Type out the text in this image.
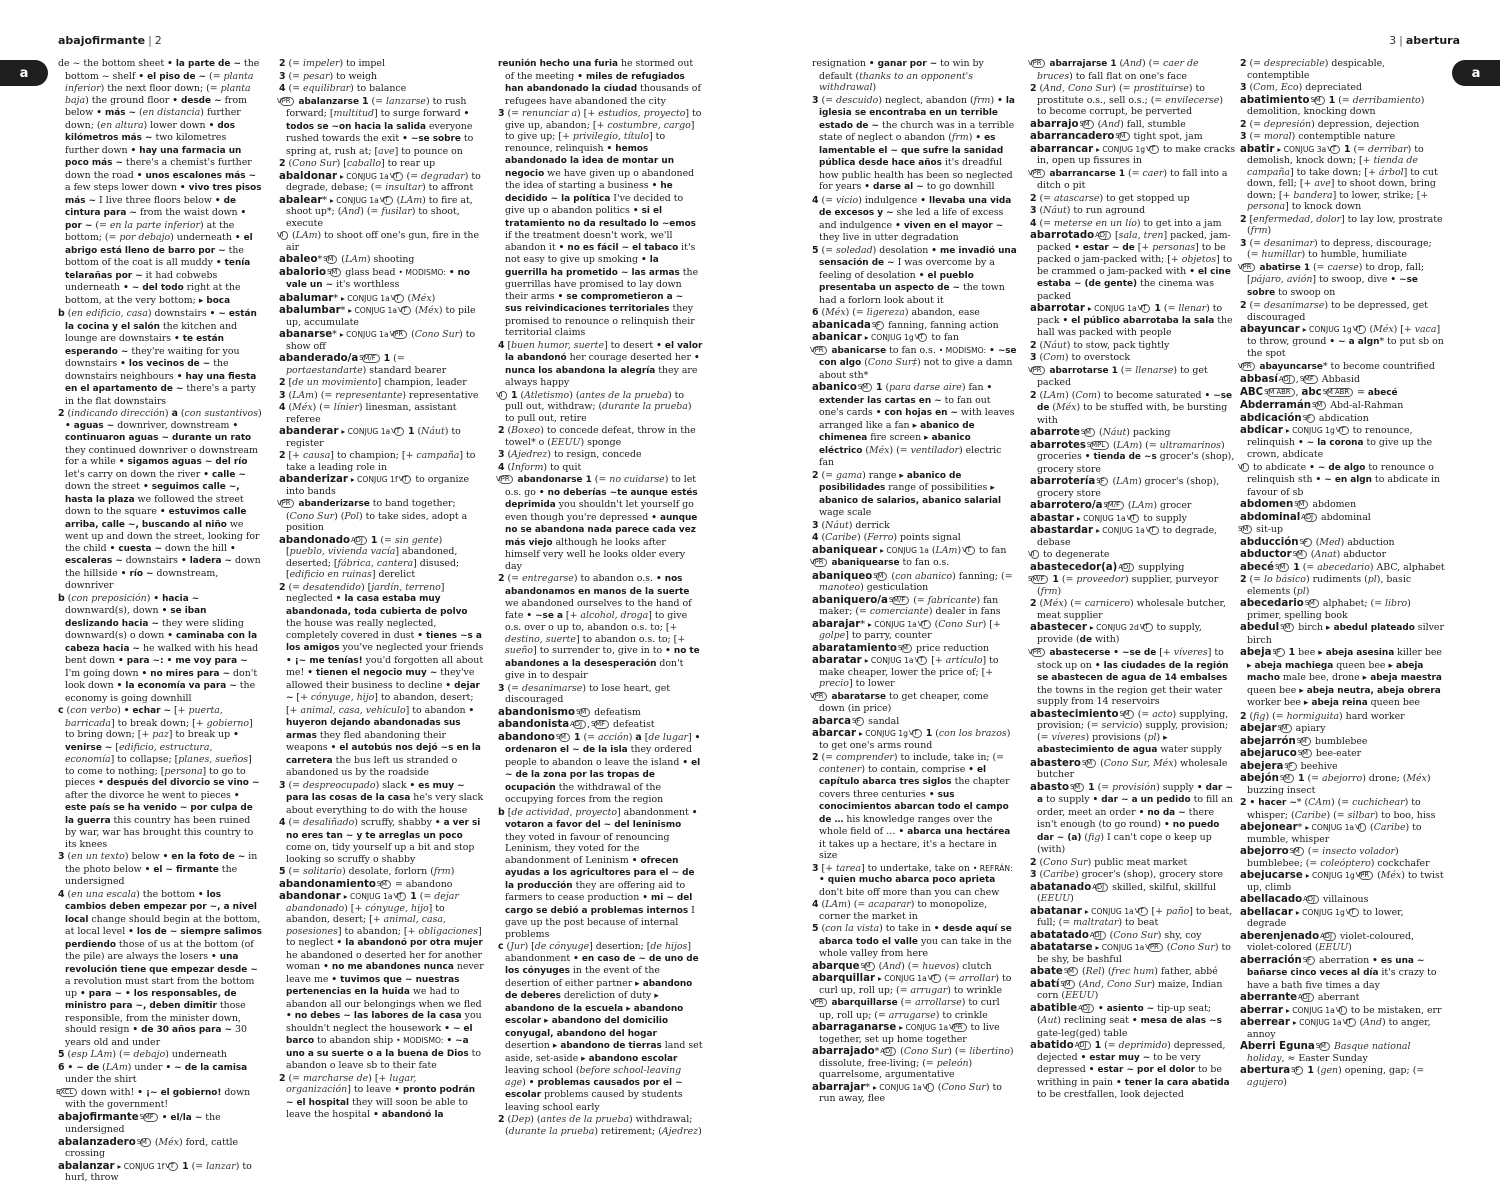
abajofirmante | 2
a

de ~ the bottom sheet • la parte de ~ the bottom ~ shelf • el piso de ~ (= planta inferior) the next floor down; (= planta baja) the ground floor • desde ~ from below • más ~ (en distancia) further down; (en altura) lower down • dos kilómetros más ~ two kilometres further down • hay una farmacia un poco más ~ there's a chemist's further down the road • unos escalones más ~ a few steps lower down • vivo tres pisos más ~ I live three floors below • de cintura para ~ from the waist down • por ~ (= en la parte inferior) at the bottom; (= por debajo) underneath • el abrigo está lleno de barro por ~ the bottom of the coat is all muddy • tenía telarañas por ~ it had cobwebs underneath • ~ del todo right at the bottom, at the very bottom; ▸ boca

b (en edificio, casa) downstairs • ~ están la cocina y el salón the kitchen and lounge are downstairs • te están esperando ~ they're waiting for you downstairs • los vecinos de ~ the downstairs neighbours • hay una fiesta en el apartamento de ~ there's a party in the flat downstairs

2 (indicando dirección) a (con sustantivos) • aguas ~ downriver, downstream • continuaron aguas ~ durante un rato they continued downriver o downstream for a while • sigamos aguas ~ del río let's carry on down the river • calle ~ down the street • seguimos calle ~, hasta la plaza we followed the street down to the square • estuvimos calle arriba, calle ~, buscando al niño we went up and down the street, looking for the child • cuesta ~ down the hill • escaleras ~ downstairs • ladera ~ down the hillside • río ~ downstream, downriver

b (con preposición) • hacia ~ downward(s), down • se iban deslizando hacia ~ they were sliding downward(s) o down • caminaba con la cabeza hacia ~ he walked with his head bent down • para ~: • me voy para ~ I'm going down • no mires para ~ don't look down • la economía va para ~ the economy is going downhill

c (con verbo) • echar ~ [+ puerta, barricada] to break down; [+ gobierno] to bring down; [+ paz] to break up • venirse ~ [edificio, estructura, economía] to collapse; [planes, sueños] to come to nothing; [persona] to go to pieces • después del divorcio se vino ~ after the divorce he went to pieces • este país se ha venido ~ por culpa de la guerra this country has been ruined by war, war has brought this country to its knees

3 (en un texto) below • en la foto de ~ in the photo below • el ~ firmante the undersigned

4 (en una escala) the bottom • los cambios deben empezar por ~, a nivel local change should begin at the bottom, at local level • los de ~ siempre salimos perdiendo those of us at the bottom (of the pile) are always the losers • una revolución tiene que empezar desde ~ a revolution must start from the bottom up • para ~ • los responsables, de ministro para ~, deben dimitir those responsible, from the minister down, should resign • de 30 años para ~ 30 years old and under

5 (esp LAm) (= debajo) underneath

6 • ~ de (LAm) under • ~ de la camisa under the shirt

EXCL down with! • ¡~ el gobierno! down with the government!

abajofirmante SMF • el/la ~ the undersigned

abalanzadero SM (Méx) ford, cattle crossing

abalanzar ▸ CONJUG 1f VT 1 (= lanzar) to hurl, throw

2 (= impeler) to impel

3 (= pesar) to weigh

4 (= equilibrar) to balance

VPR abalanzarse 1 (= lanzarse) to rush forward; [multitud] to surge forward • todos se ~on hacia la salida everyone rushed towards the exit • ~se sobre to spring at, rush at; [ave] to pounce on

2 (Cono Sur) [caballo] to rear up

abaldonar ▸ CONJUG 1a VT (= degradar) to degrade, debase; (= insultar) to affront

abalear* ▸ CONJUG 1a VT (LAm) to fire at, shoot up*; (And) (= fusilar) to shoot, execute

VI (LAm) to shoot off one's gun, fire in the air

abaleo* SM (LAm) shooting

abalorio SM glass bead • MODISMO: • no vale un ~ it's worthless

abalumar* ▸ CONJUG 1a VT (Méx)

abalumbar* ▸ CONJUG 1a VT (Méx) to pile up, accumulate

abanarse* ▸ CONJUG 1a VPR (Cono Sur) to show off

abanderado/a SM/F 1 (= portaestandarte) standard bearer

2 [de un movimiento] champion, leader

3 (LAm) (= representante) representative

4 (Méx) (= línier) linesman, assistant referee

abanderar ▸ CONJUG 1a VT 1 (Náut) to register

2 [+ causa] to champion; [+ campaña] to take a leading role in

abanderizar ▸ CONJUG 1f VT to organize into bands

VPR abanderizarse to band together; (Cono Sur) (Pol) to take sides, adopt a position

abandonado ADJ 1 (= sin gente) [pueblo, vivienda vacía] abandoned, deserted; [fábrica, cantera] disused; [edificio en ruinas] derelict

2 (= desatendido) [jardín, terreno] neglected • la casa estaba muy abandonada, toda cubierta de polvo the house was really neglected, completely covered in dust • tienes ~s a los amigos you've neglected your friends • ¡~ me tenías! you'd forgotten all about me! • tienen el negocio muy ~ they've allowed their business to decline • dejar ~ [+ cónyuge, hijo] to abandon, desert; [+ animal, casa, vehículo] to abandon • huyeron dejando abandonadas sus armas they fled abandoning their weapons • el autobús nos dejó ~s en la carretera the bus left us stranded o abandoned us by the roadside

3 (= despreocupado) slack • es muy ~ para las cosas de la casa he's very slack about everything to do with the house

4 (= desaliñado) scruffy, shabby • a ver si no eres tan ~ y te arreglas un poco come on, tidy yourself up a bit and stop looking so scruffy o shabby

5 (= solitario) desolate, forlorn (frm)

abandonamiento SM = abandono

abandonar ▸ CONJUG 1a VT 1 (= dejar abandonado) [+ cónyuge, hijo] to abandon, desert; [+ animal, casa, posesiones] to abandon; [+ obligaciones] to neglect • la abandonó por otra mujer he abandoned o deserted her for another woman • no me abandones nunca never leave me • tuvimos que ~ nuestras pertenencias en la huida we had to abandon all our belongings when we fled • no debes ~ las labores de la casa you shouldn't neglect the housework • ~ el barco to abandon ship • MODISMO: • ~a uno a su suerte o a la buena de Dios to abandon o leave sb to their fate

2 (= marcharse de) [+ lugar, organización] to leave • pronto podrán ~ el hospital they will soon be able to leave the hospital • abandonó la

reunión hecho una furia he stormed out of the meeting • miles de refugiados han abandonado la ciudad thousands of refugees have abandoned the city

3 (= renunciar a) [+ estudios, proyecto] to give up, abandon; [+ costumbre, cargo] to give up; [+ privilegio, título] to renounce, relinquish • hemos abandonado la idea de montar un negocio we have given up o abandoned the idea of starting a business • he decidido ~ la política I've decided to give up o abandon politics • si el tratamiento no da resultado lo ~emos if the treatment doesn't work, we'll abandon it • no es fácil ~ el tabaco it's not easy to give up smoking • la guerrilla ha prometido ~ las armas the guerrillas have promised to lay down their arms • se comprometieron a ~ sus reivindicaciones territoriales they promised to renounce o relinquish their territorial claims

4 [buen humor, suerte] to desert • el valor la abandonó her courage deserted her • nunca los abandona la alegría they are always happy

VI 1 (Atletismo) (antes de la prueba) to pull out, withdraw; (durante la prueba) to pull out, retire

2 (Boxeo) to concede defeat, throw in the towel* o (EEUU) sponge

3 (Ajedrez) to resign, concede

4 (Inform) to quit

VPR abandonarse 1 (= no cuidarse) to let o.s. go • no deberías ~te aunque estés deprimida you shouldn't let yourself go even though you're depressed • aunque no se abandona nada parece cada vez más viejo although he looks after himself very well he looks older every day

2 (= entregarse) to abandon o.s. • nos abandonamos en manos de la suerte we abandoned ourselves to the hand of fate • ~se a [+ alcohol, droga] to give o.s. over o up to, abandon o.s. to; [+ destino, suerte] to abandon o.s. to; [+ sueño] to surrender to, give in to • no te abandones a la desesperación don't give in to despair

3 (= desanimarse) to lose heart, get discouraged

abandonismo SM defeatism

abandonista ADJ , SMF defeatist

abandono SM 1 (= acción) a [de lugar] • ordenaron el ~ de la isla they ordered people to abandon o leave the island • el ~ de la zona por las tropas de ocupación the withdrawal of the occupying forces from the region

b [de actividad, proyecto] abandonment • votaron a favor del ~ del leninismo they voted in favour of renouncing Leninism, they voted for the abandonment of Leninism • ofrecen ayudas a los agricultores para el ~ de la producción they are offering aid to farmers to cease production • mi ~ del cargo se debió a problemas internos I gave up the post because of internal problems

c (Jur) [de cónyuge] desertion; [de hijos] abandonment • en caso de ~ de uno de los cónyuges in the event of the desertion of either partner ▸ abandono de deberes dereliction of duty ▸ abandono de la escuela ▸ abandono escolar ▸ abandono del domicilio conyugal, abandono del hogar desertion ▸ abandono de tierras land set aside, set-aside ▸ abandono escolar leaving school (before school-leaving age) • problemas causados por el ~ escolar problems caused by students leaving school early

2 (Dep) (antes de la prueba) withdrawal; (durante la prueba) retirement; (Ajedrez)

3 | abertura
a

resignation • ganar por ~ to win by default (thanks to an opponent's withdrawal)

3 (= descuido) neglect, abandon (frm) • la iglesia se encontraba en un terrible estado de ~ the church was in a terrible state of neglect o abandon (frm) • es lamentable el ~ que sufre la sanidad pública desde hace años it's dreadful how public health has been so neglected for years • darse al ~ to go downhill

4 (= vicio) indulgence • llevaba una vida de excesos y ~ she led a life of excess and indulgence • viven en el mayor ~ they live in utter degradation

5 (= soledad) desolation • me invadió una sensación de ~ I was overcome by a feeling of desolation • el pueblo presentaba un aspecto de ~ the town had a forlorn look about it

6 (Méx) (= ligereza) abandon, ease

abanicada SF fanning, fanning action

abanicar ▸ CONJUG 1g VT to fan

VPR abanicarse to fan o.s. • MODISMO: • ~se con algo (Cono Sur‡) not to give a damn about sth*

abanico SM 1 (para darse aire) fan • extender las cartas en ~ to fan out one's cards • con hojas en ~ with leaves arranged like a fan ▸ abanico de chimenea fire screen ▸ abanico eléctrico (Méx) (= ventilador) electric fan

2 (= gama) range ▸ abanico de posibilidades range of possibilities ▸ abanico de salarios, abanico salarial wage scale

3 (Náut) derrick

4 (Caribe) (Ferro) points signal

abaniquear ▸ CONJUG 1a (LAm) VT to fan

VPR abaniquearse to fan o.s.

abaniqueo SM (con abanico) fanning; (= manoteo) gesticulation

abaniquero/a SM/F (= fabricante) fan maker; (= comerciante) dealer in fans

abarajar* ▸ CONJUG 1a VT (Cono Sur) [+ golpe] to parry, counter

abaratamiento SM price reduction

abaratar ▸ CONJUG 1a VT [+ artículo] to make cheaper, lower the price of; [+ precio] to lower

VPR abaratarse to get cheaper, come down (in price)

abarca SF sandal

abarcar ▸ CONJUG 1g VT 1 (con los brazos) to get one's arms round

2 (= comprender) to include, take in; (= contener) to contain, comprise • el capítulo abarca tres siglos the chapter covers three centuries • sus conocimientos abarcan todo el campo de … his knowledge ranges over the whole field of … • abarca una hectárea it takes up a hectare, it's a hectare in size

3 [+ tarea] to undertake, take on • REFRÁN: • quien mucho abarca poco aprieta don't bite off more than you can chew

4 (LAm) (= acaparar) to monopolize, corner the market in

5 (con la vista) to take in • desde aquí se abarca todo el valle you can take in the whole valley from here

abarque SM (And) (= huevos) clutch

abarquillar ▸ CONJUG 1a VT (= arrollar) to curl up, roll up; (= arrugar) to wrinkle

VPR abarquillarse (= arrollarse) to curl up, roll up; (= arrugarse) to crinkle

abarraganarse ▸ CONJUG 1a VPR to live together, set up home together

abarrajado* ADJ (Cono Sur) (= libertino) dissolute, free-living; (= pelеón) quarrelsome, argumentative

abarrajar* ▸ CONJUG 1a VI (Cono Sur) to run away, flee

VPR abarrajarse 1 (And) (= caer de bruces) to fall flat on one's face

2 (And, Cono Sur) (= prostituirse) to prostitute o.s., sell o.s.; (= envilecerse) to become corrupt, be perverted

abarrajo SM (And) fall, stumble

abarrancadero SM tight spot, jam

abarrancar ▸ CONJUG 1g VT to make cracks in, open up fissures in

VPR abarrancarse 1 (= caer) to fall into a ditch o pit

2 (= atascarse) to get stopped up

3 (Náut) to run aground

4 (= meterse en un lío) to get into a jam

abarrotado ADJ [sala, tren] packed, jam-packed • estar ~ de [+ personas] to be packed o jam-packed with; [+ objetos] to be crammed o jam-packed with • el cine estaba ~ (de gente) the cinema was packed

abarrotar ▸ CONJUG 1a VT 1 (= llenar) to pack • el público abarrotaba la sala the hall was packed with people

2 (Náut) to stow, pack tightly

3 (Com) to overstock

VPR abarrotarse 1 (= llenarse) to get packed

2 (LAm) (Com) to become saturated • ~se de (Méx) to be stuffed with, be bursting with

abarrote SM (Náut) packing

abarrotes SMPL (LAm) (= ultramarinos) groceries • tienda de ~s grocer's (shop), grocery store

abarrotería SF (LAm) grocer's (shop), grocery store

abarrotero/a SM/F (LAm) grocer

abastar ▸ CONJUG 1a VT to supply

abastardar ▸ CONJUG 1a VT to degrade, debase

VI to degenerate

abastecedor(a) ADJ supplying

SM/F 1 (= proveedor) supplier, purveyor (frm)

2 (Méx) (= carnicero) wholesale butcher, meat supplier

abastecer ▸ CONJUG 2d VT to supply, provide (de with)

VPR abastecerse • ~se de [+ víveres] to stock up on • las ciudades de la región se abastecen de agua de 14 embalses the towns in the region get their water supply from 14 reservoirs

abastecimiento SM (= acto) supplying, provision; (= servicio) supply, provision; (= víveres) provisions (pl) ▸ abastecimiento de agua water supply

abastero SM (Cono Sur, Méx) wholesale butcher

abasto SM 1 (= provisión) supply • dar ~ a to supply • dar ~ a un pedido to fill an order, meet an order • no da ~ there isn't enough (to go round) • no puedo dar ~ (a) (fig) I can't cope o keep up (with)

2 (Cono Sur) public meat market

3 (Caribe) grocer's (shop), grocery store

abatanado ADJ skilled, skilful, skillful (EEUU)

abatanar ▸ CONJUG 1a VT [+ paño] to beat, full; (= maltratar) to beat

abatatado ADJ (Cono Sur) shy, coy

abatatarse ▸ CONJUG 1a VPR (Cono Sur) to be shy, be bashful

abate SM (Rel) (frec hum) father, abbé

abatí SM (And, Cono Sur) maize, Indian corn (EEUU)

abatible ADJ • asiento ~ tip-up seat; (Aut) reclining seat • mesa de alas ~s gate-leg(ged) table

abatido ADJ 1 (= deprimido) depressed, dejected • estar muy ~ to be very depressed • estar ~ por el dolor to be writhing in pain • tener la cara abatida to be crestfallen, look dejected

2 (= despreciable) despicable, contemptible

3 (Com, Eco) depreciated

abatimiento SM 1 (= derribamiento) demolition, knocking down

2 (= depresión) depression, dejection

3 (= moral) contemptible nature

abatir ▸ CONJUG 3a VT 1 (= derribar) to demolish, knock down; [+ tienda de campaña] to take down; [+ árbol] to cut down, fell; [+ ave] to shoot down, bring down; [+ bandera] to lower, strike; [+ persona] to knock down

2 [enfermedad, dolor] to lay low, prostrate (frm)

3 (= desanimar) to depress, discourage; (= humillar) to humble, humiliate

VPR abatirse 1 (= caerse) to drop, fall; [pájaro, avión] to swoop, dive • ~se sobre to swoop on

2 (= desanimarse) to be depressed, get discouraged

abayuncar ▸ CONJUG 1g VT (Méx) [+ vaca] to throw, ground • ~ a algn* to put sb on the spot

VPR abayuncarse* to become countrified

abbasí ADJ , SMF Abbasid

ABC SM ABR , abc SM ABR = abecé

Abderramán SM Abd-al-Rahman

abdicación SF abdication

abdicar ▸ CONJUG 1g VT to renounce, relinquish • ~ la corona to give up the crown, abdicate

VI to abdicate • ~ de algo to renounce o relinquish sth • ~ en algn to abdicate in favour of sb

abdomen SM abdomen

abdominal ADJ abdominal

SM sit-up

abducción SF (Med) abduction

abductor SM (Anat) abductor

abecé SM 1 (= abecedario) ABC, alphabet

2 (= lo básico) rudiments (pl), basic elements (pl)

abecedario SM alphabet; (= libro) primer, spelling book

abedul SM birch ▸ abedul plateado silver birch

abeja SF 1 bee ▸ abeja asesina killer bee ▸ abeja machiega queen bee ▸ abeja macho male bee, drone ▸ abeja maestra queen bee ▸ abeja neutra, abeja obrera worker bee ▸ abeja reina queen bee

2 (fig) (= hormiguita) hard worker

abejar SM apiary

abejarrón SM bumblebee

abejaruco SM bee-eater

abejera SF beehive

abejón SM 1 (= abejorro) drone; (Méx) buzzing insect

2 • hacer ~* (CAm) (= cuchichear) to whisper; (Caribe) (= silbar) to boo, hiss

abejonear* ▸ CONJUG 1a VI (Caribe) to mumble, whisper

abejorro SM (= insecto volador) bumblebee; (= coleóptero) cockchafer

abejucarse ▸ CONJUG 1g VPR (Méx) to twist up, climb

abellacado ADJ villainous

abellacar ▸ CONJUG 1g VT to lower, degrade

aberenjenado ADJ violet-coloured, violet-colored (EEUU)

aberración SF aberration • es una ~ bañarse cinco veces al día it's crazy to have a bath five times a day

aberrante ADJ aberrant

aberrar ▸ CONJUG 1a VI to be mistaken, err

aberrear ▸ CONJUG 1a VT (And) to anger, annoy

Aberri Eguna SM Basque national holiday, ≈ Easter Sunday

abertura SF 1 (gen) opening, gap; (= agujero)
